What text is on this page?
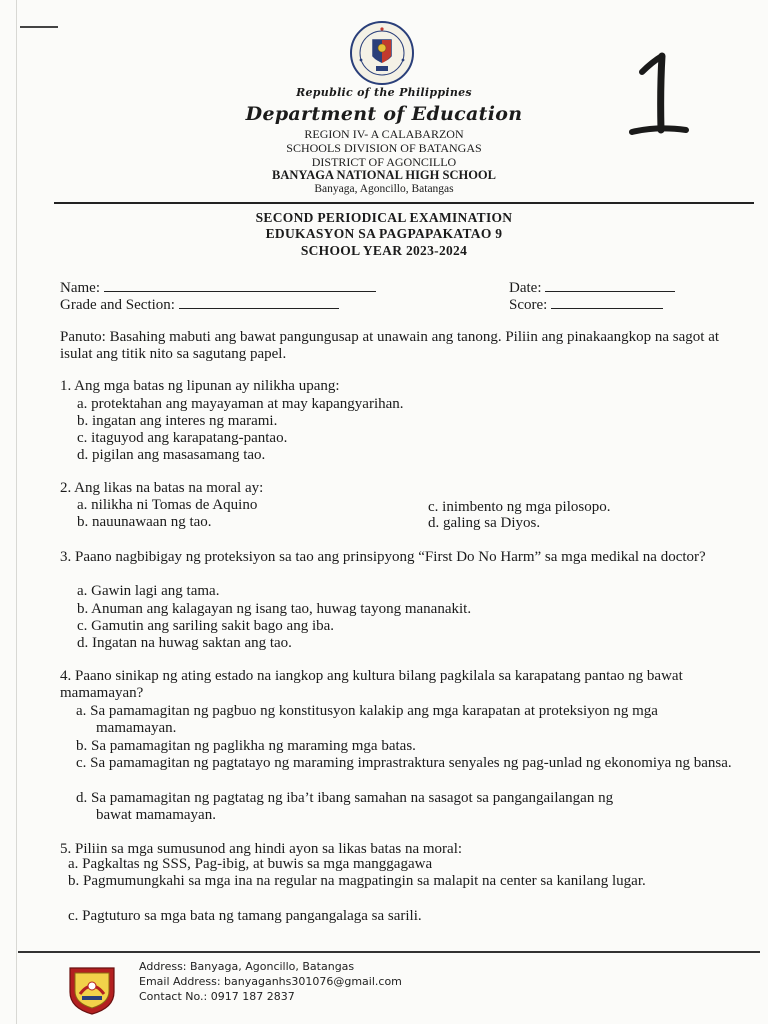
Republic of the Philippines
Department of Education
REGION IV- A CALABARZON
SCHOOLS DIVISION OF BATANGAS
DISTRICT OF AGONCILLO
BANYAGA NATIONAL HIGH SCHOOL
Banyaga, Agoncillo, Batangas
SECOND PERIODICAL EXAMINATION
EDUKASYON SA PAGPAPAKATAO 9
SCHOOL YEAR 2023-2024
Name:	Date:
Grade and Section:	Score:
Panuto: Basahing mabuti ang bawat pangungusap at unawain ang tanong. Piliin ang pinakaangkop na sagot at isulat ang titik nito sa sagutang papel.
1. Ang mga batas ng lipunan ay nilikha upang:
a. protektahan ang mayayaman at may kapangyarihan.
b. ingatan ang interes ng marami.
c. itaguyod ang karapatang-pantao.
d. pigilan ang masasamang tao.
2. Ang likas na batas na moral ay:
a. nilikha ni Tomas de Aquino
b. nauunawaan ng tao.
c. inimbento ng mga pilosopo.
d. galing sa Diyos.
3. Paano nagbibigay ng proteksiyon sa tao ang prinsipyong “First Do No Harm” sa mga medikal na doctor?
a. Gawin lagi ang tama.
b. Anuman ang kalagayan ng isang tao, huwag tayong mananakit.
c. Gamutin ang sariling sakit bago ang iba.
d. Ingatan na huwag saktan ang tao.
4. Paano sinikap ng ating estado na iangkop ang kultura bilang pagkilala sa karapatang pantao ng bawat mamamayan?
a. Sa pamamagitan ng pagbuo ng konstitusyon kalakip ang mga karapatan at proteksiyon ng mga mamamayan.
b. Sa pamamagitan ng paglikha ng maraming mga batas.
c. Sa pamamagitan ng pagtatayo ng maraming imprastraktura senyales ng pag-unlad ng ekonomiya ng bansa.
d. Sa pamamagitan ng pagtatag ng iba’t ibang samahan na sasagot sa pangangailangan ng bawat mamamayan.
5. Piliin sa mga sumusunod ang hindi ayon sa likas batas na moral:
a. Pagkaltas ng SSS, Pag-ibig, at buwis sa mga manggagawa
b. Pagmumungkahi sa mga ina na regular na magpatingin sa malapit na center sa kanilang lugar.
c. Pagtuturo sa mga bata ng tamang pangangalaga sa sarili.
Address: Banyaga, Agoncillo, Batangas
Email Address: banyaganhs301076@gmail.com
Contact No.: 0917 187 2837
